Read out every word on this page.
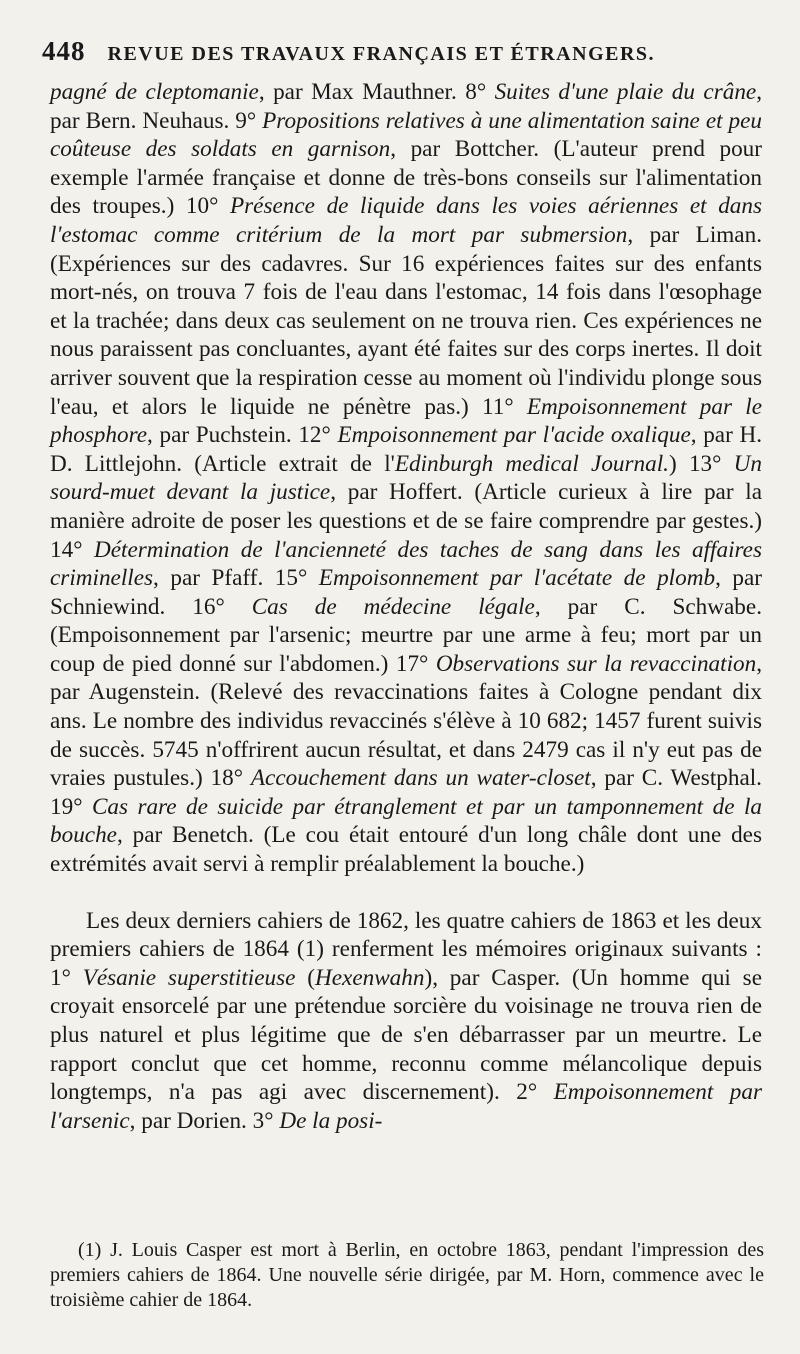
448 REVUE DES TRAVAUX FRANÇAIS ET ÉTRANGERS.

pagné de cleptomanie, par Max Mauthner. 8° Suites d'une plaie du crâne, par Bern. Neuhaus. 9° Propositions relatives à une alimentation saine et peu coûteuse des soldats en garnison, par Bottcher. (L'auteur prend pour exemple l'armée française et donne de très-bons conseils sur l'alimentation des troupes.) 10° Présence de liquide dans les voies aériennes et dans l'estomac comme critérium de la mort par submersion, par Liman. (Expériences sur des cadavres. Sur 16 expériences faites sur des enfants mort-nés, on trouva 7 fois de l'eau dans l'estomac, 14 fois dans l'œsophage et la trachée; dans deux cas seulement on ne trouva rien. Ces expériences ne nous paraissent pas concluantes, ayant été faites sur des corps inertes. Il doit arriver souvent que la respiration cesse au moment où l'individu plonge sous l'eau, et alors le liquide ne pénètre pas.) 11° Empoisonnement par le phosphore, par Puchstein. 12° Empoisonnement par l'acide oxalique, par H. D. Littlejohn. (Article extrait de l'Edinburgh medical Journal.) 13° Un sourd-muet devant la justice, par Hoffert. (Article curieux à lire par la manière adroite de poser les questions et de se faire comprendre par gestes.) 14° Détermination de l'ancienneté des taches de sang dans les affaires criminelles, par Pfaff. 15° Empoisonnement par l'acétate de plomb, par Schniewind. 16° Cas de médecine légale, par C. Schwabe. (Empoisonnement par l'arsenic; meurtre par une arme à feu; mort par un coup de pied donné sur l'abdomen.) 17° Observations sur la revaccination, par Augenstein. (Relevé des revaccinations faites à Cologne pendant dix ans. Le nombre des individus revaccinés s'élève à 10 682; 1457 furent suivis de succès. 5745 n'offrirent aucun résultat, et dans 2479 cas il n'y eut pas de vraies pustules.) 18° Accouchement dans un water-closet, par C. Westphal. 19° Cas rare de suicide par étranglement et par un tamponnement de la bouche, par Benetch. (Le cou était entouré d'un long châle dont une des extrémités avait servi à remplir préalablement la bouche.)

Les deux derniers cahiers de 1862, les quatre cahiers de 1863 et les deux premiers cahiers de 1864 (1) renferment les mémoires originaux suivants : 1° Vésanie superstitieuse (Hexenwahn), par Casper. (Un homme qui se croyait ensorcelé par une prétendue sorcière du voisinage ne trouva rien de plus naturel et plus légitime que de s'en débarrasser par un meurtre. Le rapport conclut que cet homme, reconnu comme mélancolique depuis longtemps, n'a pas agi avec discernement). 2° Empoisonnement par l'arsenic, par Dorien. 3° De la posi-

(1) J. Louis Casper est mort à Berlin, en octobre 1863, pendant l'impression des premiers cahiers de 1864. Une nouvelle série dirigée, par M. Horn, commence avec le troisième cahier de 1864.
